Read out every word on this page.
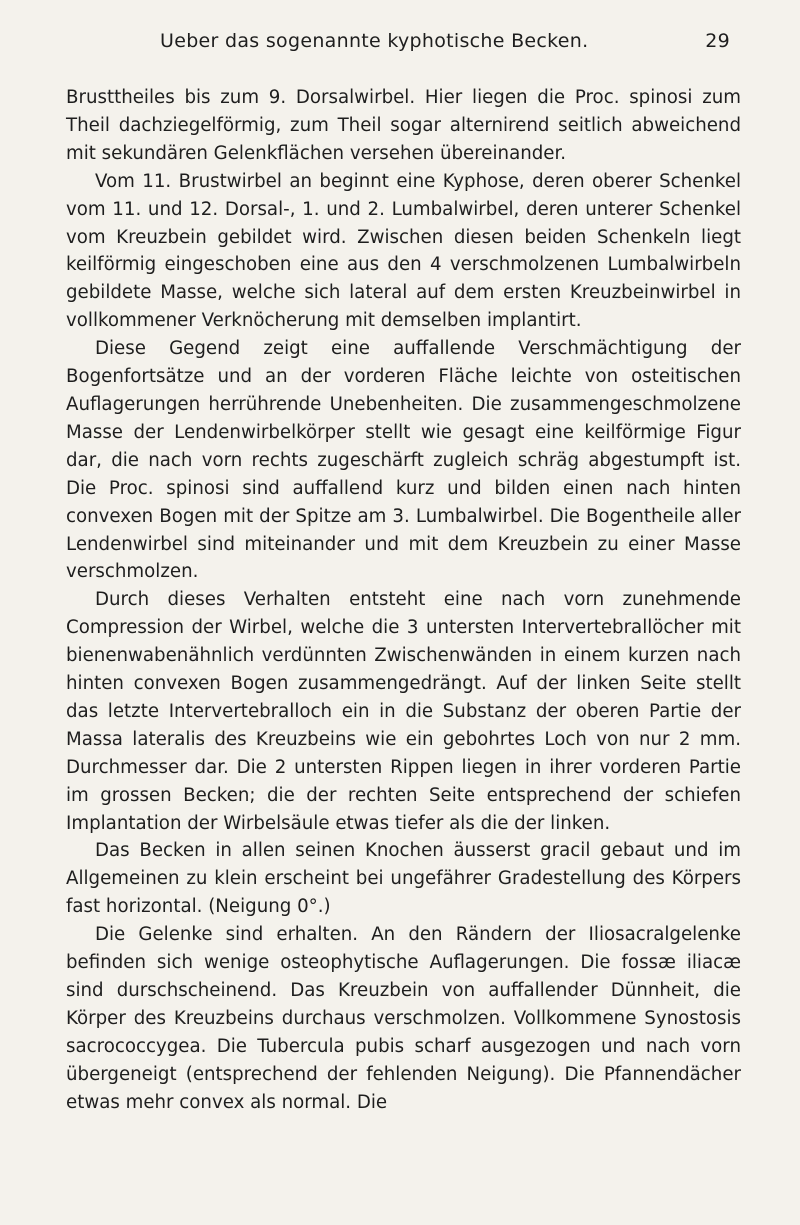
Ueber das sogenannte kyphotische Becken.	29

Brusttheiles bis zum 9. Dorsalwirbel. Hier liegen die Proc. spinosi zum Theil dachziegelförmig, zum Theil sogar alternirend seitlich abweichend mit sekundären Gelenkflächen versehen übereinander.

Vom 11. Brustwirbel an beginnt eine Kyphose, deren oberer Schenkel vom 11. und 12. Dorsal-, 1. und 2. Lumbalwirbel, deren unterer Schenkel vom Kreuzbein gebildet wird. Zwischen diesen beiden Schenkeln liegt keilförmig eingeschoben eine aus den 4 verschmolzenen Lumbalwirbeln gebildete Masse, welche sich lateral auf dem ersten Kreuzbeinwirbel in vollkommener Verknöcherung mit demselben implantirt.

Diese Gegend zeigt eine auffallende Verschmächtigung der Bogenfortsätze und an der vorderen Fläche leichte von osteitischen Auflagerungen herrührende Unebenheiten. Die zusammengeschmolzene Masse der Lendenwirbelkörper stellt wie gesagt eine keilförmige Figur dar, die nach vorn rechts zugeschärft zugleich schräg abgestumpft ist. Die Proc. spinosi sind auffallend kurz und bilden einen nach hinten convexen Bogen mit der Spitze am 3. Lumbalwirbel. Die Bogentheile aller Lendenwirbel sind miteinander und mit dem Kreuzbein zu einer Masse verschmolzen.

Durch dieses Verhalten entsteht eine nach vorn zunehmende Compression der Wirbel, welche die 3 untersten Intervertebrallöcher mit bienenwabenähnlich verdünnten Zwischenwänden in einem kurzen nach hinten convexen Bogen zusammengedrängt. Auf der linken Seite stellt das letzte Intervertebralloch ein in die Substanz der oberen Partie der Massa lateralis des Kreuzbeins wie ein gebohrtes Loch von nur 2 mm. Durchmesser dar. Die 2 untersten Rippen liegen in ihrer vorderen Partie im grossen Becken; die der rechten Seite entsprechend der schiefen Implantation der Wirbelsäule etwas tiefer als die der linken.

Das Becken in allen seinen Knochen äusserst gracil gebaut und im Allgemeinen zu klein erscheint bei ungefährer Gradestellung des Körpers fast horizontal. (Neigung 0°.)

Die Gelenke sind erhalten. An den Rändern der Iliosacralgelenke befinden sich wenige osteophytische Auflagerungen. Die fossæ iliacæ sind durschscheinend. Das Kreuzbein von auffallender Dünnheit, die Körper des Kreuzbeins durchaus verschmolzen. Vollkommene Synostosis sacrococcygea. Die Tubercula pubis scharf ausgezogen und nach vorn übergeneigt (entsprechend der fehlenden Neigung). Die Pfannendächer etwas mehr convex als normal. Die
